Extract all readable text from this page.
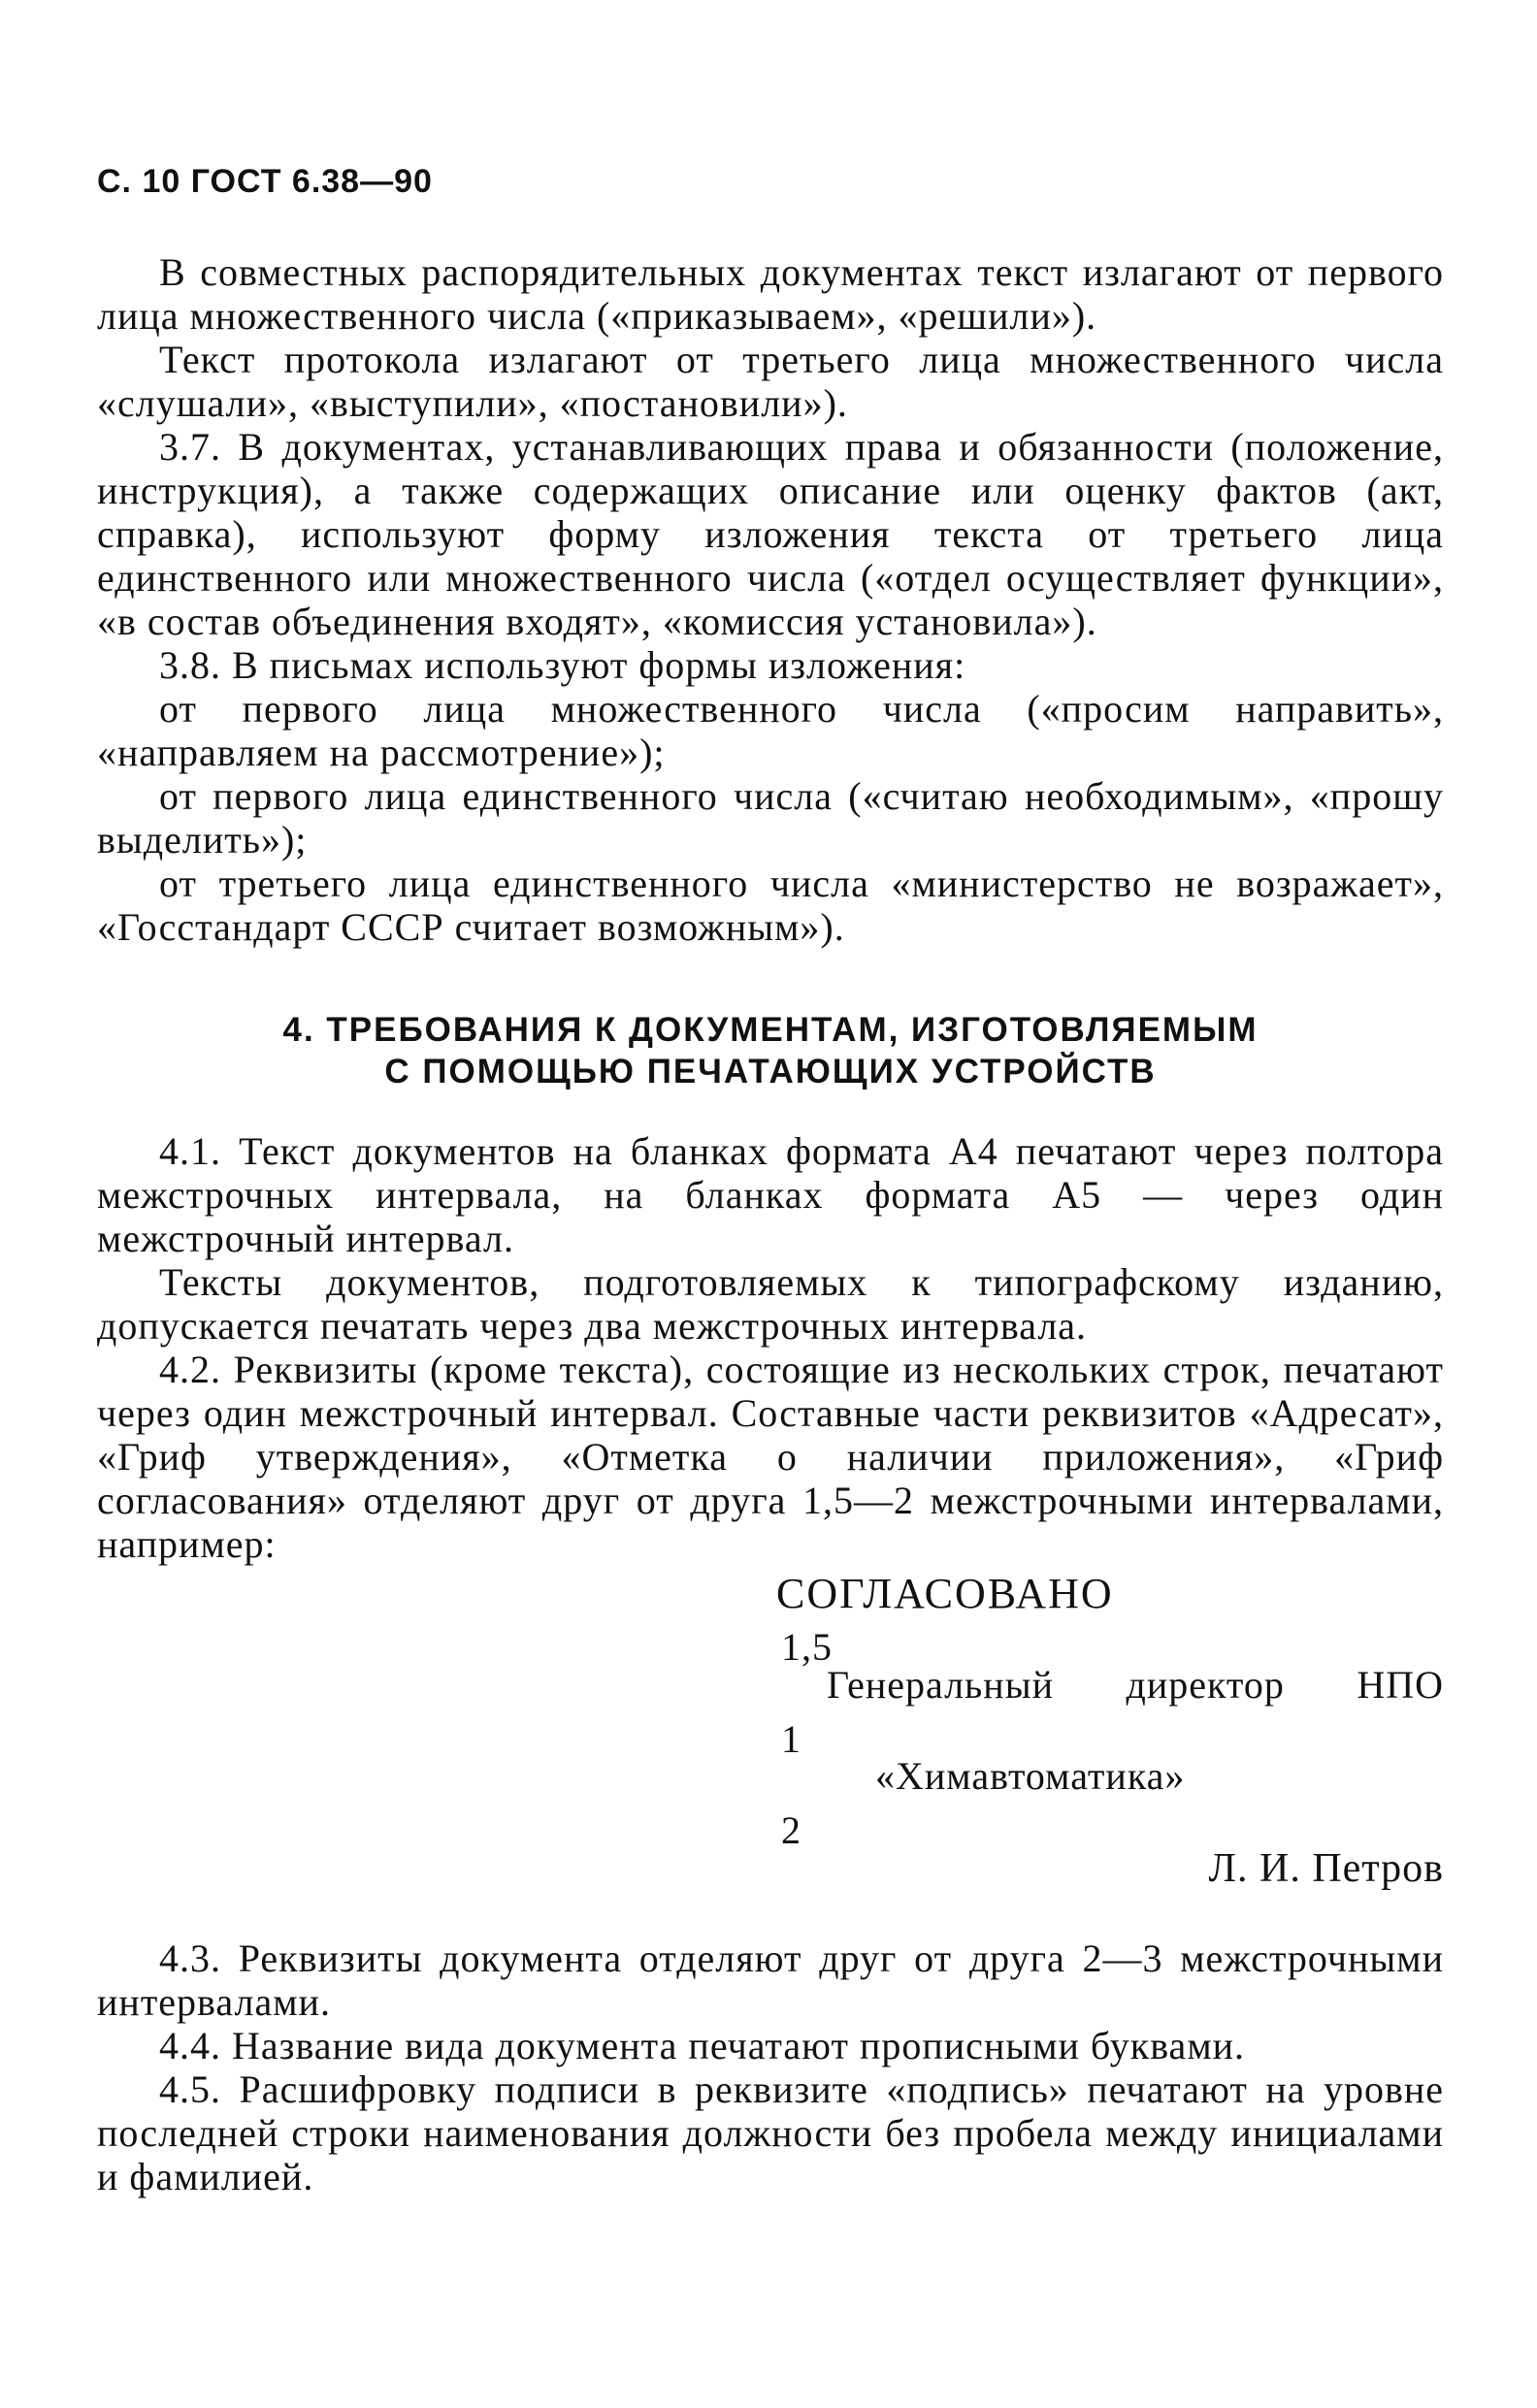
С. 10 ГОСТ 6.38—90

В совместных распорядительных документах текст излагают от первого лица множественного числа («приказываем», «решили»).

Текст протокола излагают от третьего лица множественного числа «слушали», «выступили», «постановили»).

3.7. В документах, устанавливающих права и обязанности (положение, инструкция), а также содержащих описание или оценку фактов (акт, справка), используют форму изложения текста от третьего лица единственного или множественного числа («отдел осуществляет функции», «в состав объединения входят», «комиссия установила»).

3.8. В письмах используют формы изложения:

от первого лица множественного числа («просим направить», «направляем на рассмотрение»);

от первого лица единственного числа («считаю необходимым», «прошу выделить»);

от третьего лица единственного числа «министерство не возражает», «Госстандарт СССР считает возможным»).

4. ТРЕБОВАНИЯ К ДОКУМЕНТАМ, ИЗГОТОВЛЯЕМЫМ
С ПОМОЩЬЮ ПЕЧАТАЮЩИХ УСТРОЙСТВ

4.1. Текст документов на бланках формата А4 печатают через полтора межстрочных интервала, на бланках формата А5 — через один межстрочный интервал.

Тексты документов, подготовляемых к типографскому изданию, допускается печатать через два межстрочных интервала.

4.2. Реквизиты (кроме текста), состоящие из нескольких строк, печатают через один межстрочный интервал. Составные части реквизитов «Адресат», «Гриф утверждения», «Отметка о наличии приложения», «Гриф согласования» отделяют друг от друга 1,5—2 межстрочными интервалами, например:

СОГЛАСОВАНО
1,5
Генеральный директор НПО
1
«Химавтоматика»
2
Л. И. Петров

4.3. Реквизиты документа отделяют друг от друга 2—3 межстрочными интервалами.

4.4. Название вида документа печатают прописными буквами.

4.5. Расшифровку подписи в реквизите «подпись» печатают на уровне последней строки наименования должности без пробела между инициалами и фамилией.
